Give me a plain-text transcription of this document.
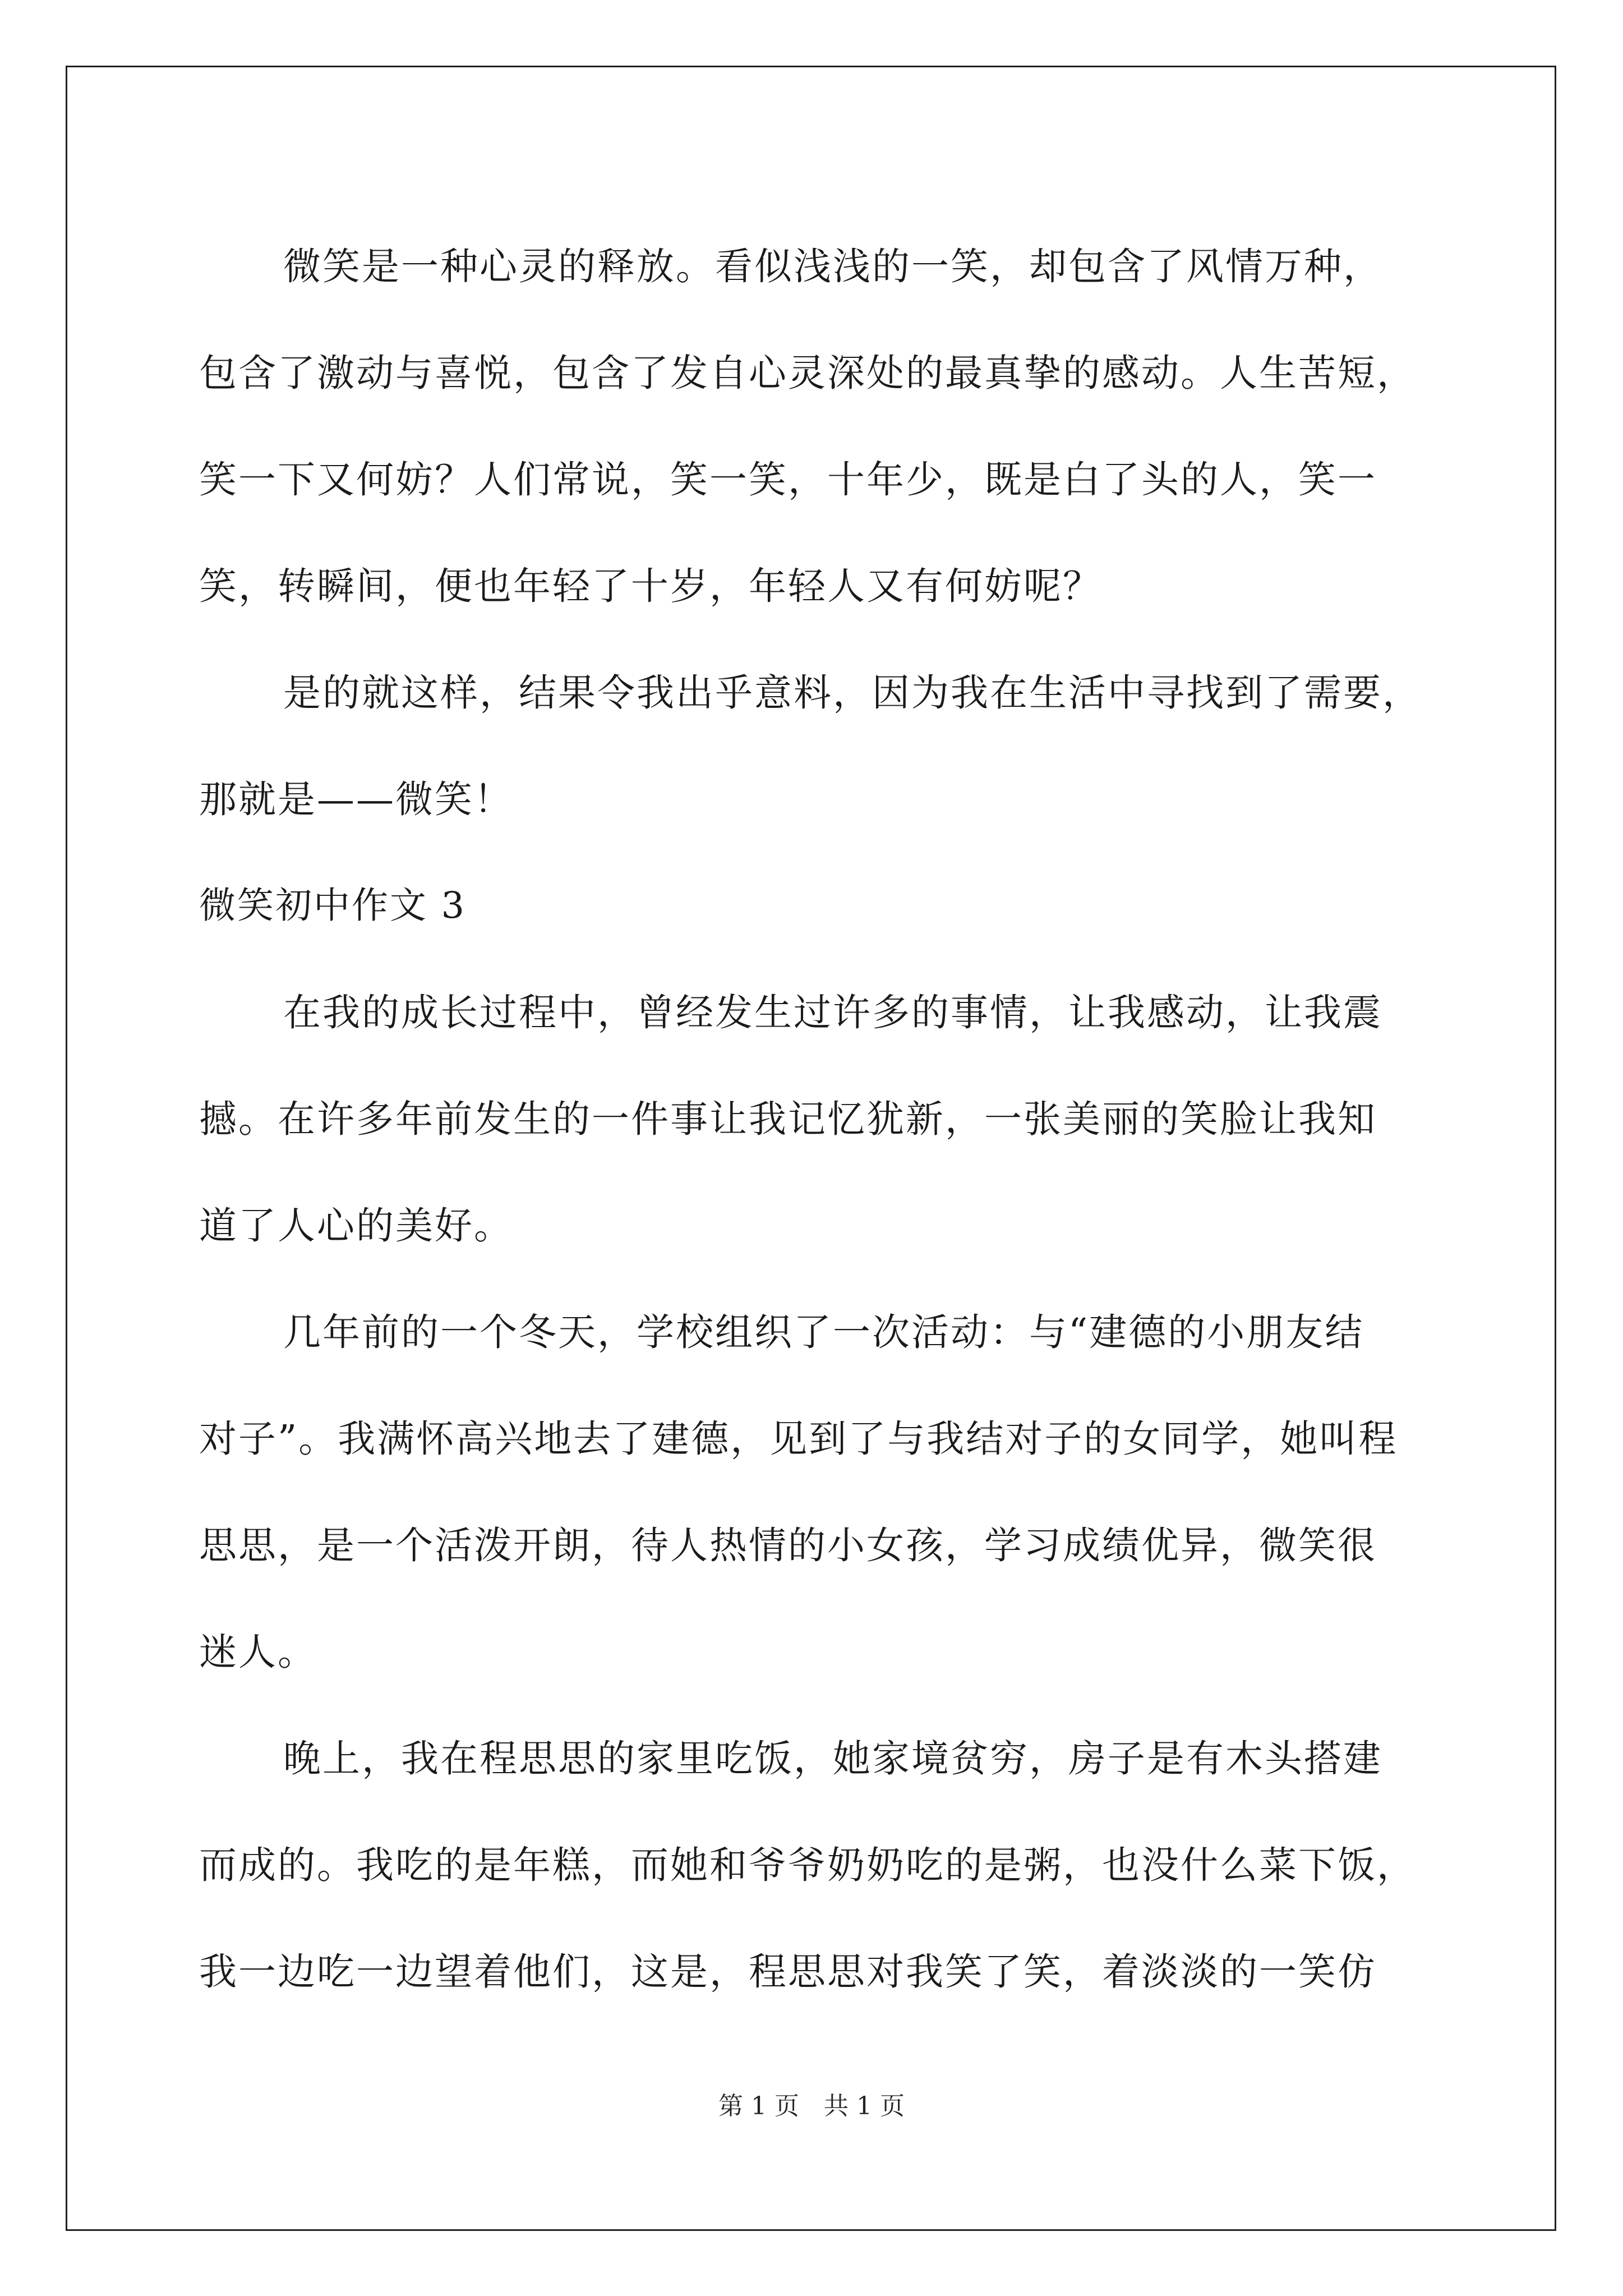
微笑是一种心灵的释放。看似浅浅的一笑，却包含了风情万种，
包含了激动与喜悦，包含了发自心灵深处的最真挚的感动。人生苦短，
笑一下又何妨？人们常说，笑一笑，十年少，既是白了头的人，笑一
笑，转瞬间，便也年轻了十岁，年轻人又有何妨呢？
是的就这样，结果令我出乎意料，因为我在生活中寻找到了需要，
那就是——微笑！
微笑初中作文 3
在我的成长过程中，曾经发生过许多的事情，让我感动，让我震
撼。在许多年前发生的一件事让我记忆犹新，一张美丽的笑脸让我知
道了人心的美好。
几年前的一个冬天，学校组织了一次活动：与“建德的小朋友结
对子”。我满怀高兴地去了建德，见到了与我结对子的女同学，她叫程
思思，是一个活泼开朗，待人热情的小女孩，学习成绩优异，微笑很
迷人。
晚上，我在程思思的家里吃饭，她家境贫穷，房子是有木头搭建
而成的。我吃的是年糕，而她和爷爷奶奶吃的是粥，也没什么菜下饭，
我一边吃一边望着他们，这是，程思思对我笑了笑，着淡淡的一笑仿
第 1 页　共 1 页
